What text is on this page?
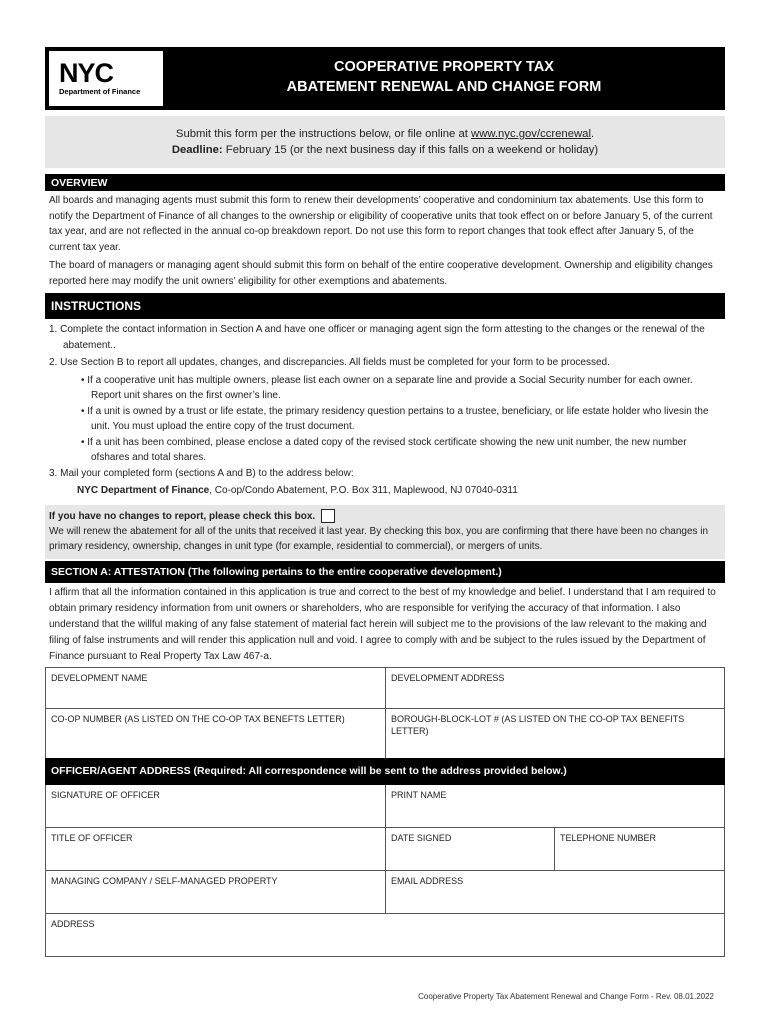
NYC
Department of Finance
COOPERATIVE PROPERTY TAX
ABATEMENT RENEWAL AND CHANGE FORM
Submit this form per the instructions below, or file online at www.nyc.gov/ccrenewal.
Deadline: February 15 (or the next business day if this falls on a weekend or holiday)
OVERVIEW
All boards and managing agents must submit this form to renew their developments’ cooperative and condominium tax abatements. Use this form to notify the Department of Finance of all changes to the ownership or eligibility of cooperative units that took effect on or before January 5, of the current tax year, and are not reflected in the annual co-op breakdown report. Do not use this form to report changes that took effect after January 5, of the current tax year.
The board of managers or managing agent should submit this form on behalf of the entire cooperative development. Ownership and eligibility changes reported here may modify the unit owners’ eligibility for other exemptions and abatements.
INSTRUCTIONS
1. Complete the contact information in Section A and have one officer or managing agent sign the form attesting to the changes or the renewal of the abatement..
2. Use Section B to report all updates, changes, and discrepancies. All fields must be completed for your form to be processed.
• If a cooperative unit has multiple owners, please list each owner on a separate line and provide a Social Security number for each owner. Report unit shares on the first owner’s line.
• If a unit is owned by a trust or life estate, the primary residency question pertains to a trustee, beneficiary, or life estate holder who livesin the unit. You must upload the entire copy of the trust document.
• If a unit has been combined, please enclose a dated copy of the revised stock certificate showing the new unit number, the new number ofshares and total shares.
3. Mail your completed form (sections A and B) to the address below:
NYC Department of Finance, Co-op/Condo Abatement, P.O. Box 311, Maplewood, NJ 07040-0311
If you have no changes to report, please check this box.
We will renew the abatement for all of the units that received it last year. By checking this box, you are confirming that there have been no changes in primary residency, ownership, changes in unit type (for example, residential to commercial), or mergers of units.
SECTION A: ATTESTATION (The following pertains to the entire cooperative development.)
I affirm that all the information contained in this application is true and correct to the best of my knowledge and belief. I understand that I am required to obtain primary residency information from unit owners or shareholders, who are responsible for verifying the accuracy of that information. I also understand that the willful making of any false statement of material fact herein will subject me to the provisions of the law relevant to the making and filing of false instruments and will render this application null and void. I agree to comply with and be subject to the rules issued by the Department of Finance pursuant to Real Property Tax Law 467-a.
DEVELOPMENT NAME	DEVELOPMENT ADDRESS
CO-OP NUMBER (AS LISTED ON THE CO-OP TAX BENEFTS LETTER)	BOROUGH-BLOCK-LOT # (AS LISTED ON THE CO-OP TAX BENEFITS LETTER)
OFFICER/AGENT ADDRESS (Required: All correspondence will be sent to the address provided below.)
SIGNATURE OF OFFICER	PRINT NAME
TITLE OF OFFICER	DATE SIGNED	TELEPHONE NUMBER
MANAGING COMPANY / SELF-MANAGED PROPERTY	EMAIL ADDRESS
ADDRESS
Cooperative Property Tax Abatement Renewal and Change Form - Rev. 08.01.2022
